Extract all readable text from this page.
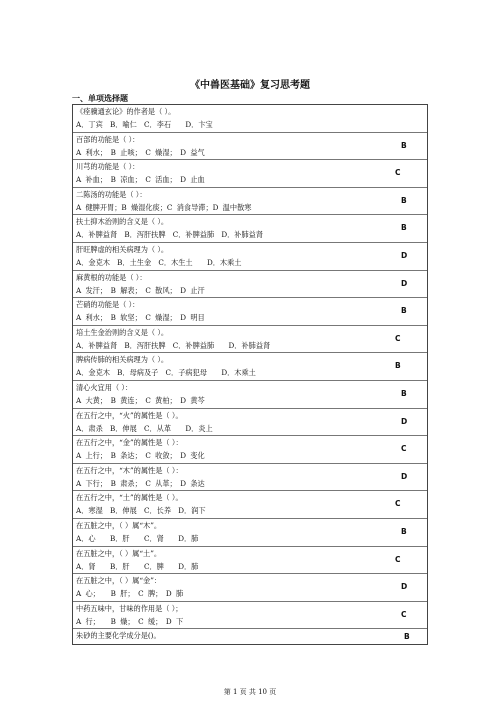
《中兽医基础》复习思考题
一、单项选择题
《痊骥通玄论》的作者是（ ）。
A．丁宾　B．喻仁　C．李石　　D．卞宝
百部的功能是（ ）：
A 利水；　B 止咳；　C 燥湿；　D 益气
B
川芎的功能是（ ）：
A 补血；　B 凉血；　C 活血；　D 止血
C
二陈汤的功能是（ ）：
A 健脾开胃；B 燥湿化痰；C 消食导滞；D 温中散寒
B
扶土抑木治则的含义是（ ）。
A．补脾益肾　B．泻肝扶脾　C．补脾益肺　D．补肺益肾
B
肝旺脾虚的相关病理为（ ）。
A．金克木　B．土生金　C．木生土　　D．木乘土
D
麻黄根的功能是（ ）：
A 发汗；　B 解表；　C 散风；　D 止汗
D
芒硝的功能是（ ）：
A 利水；　B 软坚；　C 燥湿；　D 明目
B
培土生金治则的含义是（ ）。
A．补脾益肾　B．泻肝扶脾　C．补脾益肺　　D．补肺益肾
C
脾病传肺的相关病理为（ ）。
A．金克木　B．母病及子　C．子病犯母　　D．木乘土
B
清心火宜用（ ）：
A 大黄；　B 黄连；　C 黄柏；　D 黄芩
B
在五行之中，“火”的属性是（ ）。
A．肃杀　B．伸展　C．从革　　D．炎上
D
在五行之中，“金”的属性是（ ）：
A 上行；　B 条达；　C 收敛；　D 变化
C
在五行之中，“木”的属性是（ ）：
A 下行；　B 肃杀；　C 从革；　D 条达
D
在五行之中，“土”的属性是（ ）。
A．寒湿　B．伸展　C．长养　D．润下
C
在五脏之中，（ ）属“木”。
A．心　　B．肝　　C．肾　　D．肺
B
在五脏之中，（ ）属“土”。
A．肾　　B．肝　　C．脾　　D．肺
C
在五脏之中，（ ）属“金”：
A 心；　　B 肝；　C 脾；　D 肺
D
中药五味中，甘味的作用是（ ）；
A 行；　　B 燥；　C 缓；　D 下
C
朱砂的主要化学成分是()。	B
第 1 页 共 10 页
